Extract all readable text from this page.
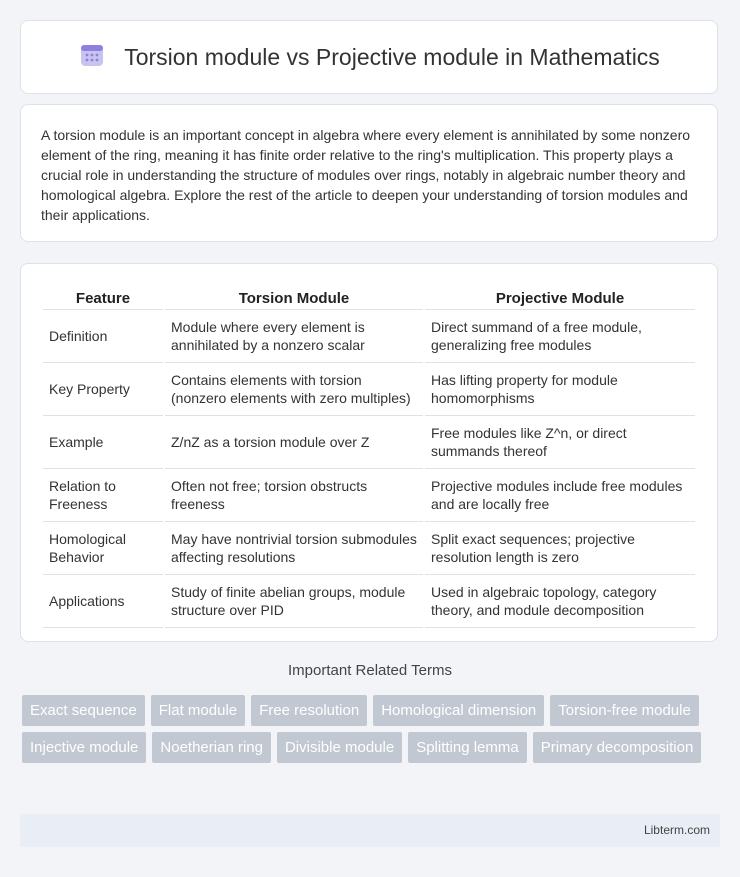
Torsion module vs Projective module in Mathematics

A torsion module is an important concept in algebra where every element is annihilated by some nonzero element of the ring, meaning it has finite order relative to the ring's multiplication. This property plays a crucial role in understanding the structure of modules over rings, notably in algebraic number theory and homological algebra. Explore the rest of the article to deepen your understanding of torsion modules and their applications.

Feature	Torsion Module	Projective Module
Definition	Module where every element is annihilated by a nonzero scalar	Direct summand of a free module, generalizing free modules
Key Property	Contains elements with torsion (nonzero elements with zero multiples)	Has lifting property for module homomorphisms
Example	Z/nZ as a torsion module over Z	Free modules like Z^n, or direct summands thereof
Relation to Freeness	Often not free; torsion obstructs freeness	Projective modules include free modules and are locally free
Homological Behavior	May have nontrivial torsion submodules affecting resolutions	Split exact sequences; projective resolution length is zero
Applications	Study of finite abelian groups, module structure over PID	Used in algebraic topology, category theory, and module decomposition
Important Related Terms
Exact sequence	Flat module	Free resolution	Homological dimension	Torsion-free module
Injective module	Noetherian ring	Divisible module	Splitting lemma	Primary decomposition
Libterm.com
